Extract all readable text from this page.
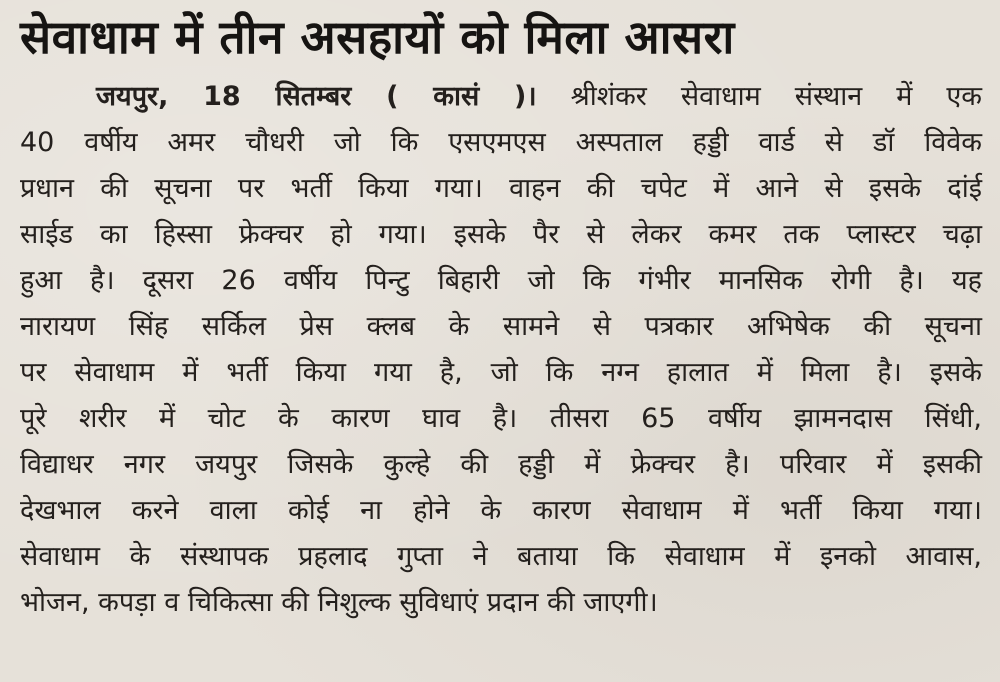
सेवाधाम में तीन असहायों को मिला आसरा
जयपुर, 18 सितम्बर ( कासं )। श्रीशंकर सेवाधाम संस्थान में एक
40 वर्षीय अमर चौधरी जो कि एसएमएस अस्पताल हड्डी वार्ड से डॉ विवेक
प्रधान की सूचना पर भर्ती किया गया। वाहन की चपेट में आने से इसके दांई
साईड का हिस्सा फ्रेक्चर हो गया। इसके पैर से लेकर कमर तक प्लास्टर चढ़ा
हुआ है। दूसरा 26 वर्षीय पिन्टु बिहारी जो कि गंभीर मानसिक रोगी है। यह
नारायण सिंह सर्किल प्रेस क्लब के सामने से पत्रकार अभिषेक की सूचना
पर सेवाधाम में भर्ती किया गया है, जो कि नग्न हालात में मिला है। इसके
पूरे शरीर में चोट के कारण घाव है। तीसरा 65 वर्षीय झामनदास सिंधी,
विद्याधर नगर जयपुर जिसके कुल्हे की हड्डी में फ्रेक्चर है। परिवार में इसकी
देखभाल करने वाला कोई ना होने के कारण सेवाधाम में भर्ती किया गया।
सेवाधाम के संस्थापक प्रहलाद गुप्ता ने बताया कि सेवाधाम में इनको आवास,
भोजन, कपड़ा व चिकित्सा की निशुल्क सुविधाएं प्रदान की जाएगी।
